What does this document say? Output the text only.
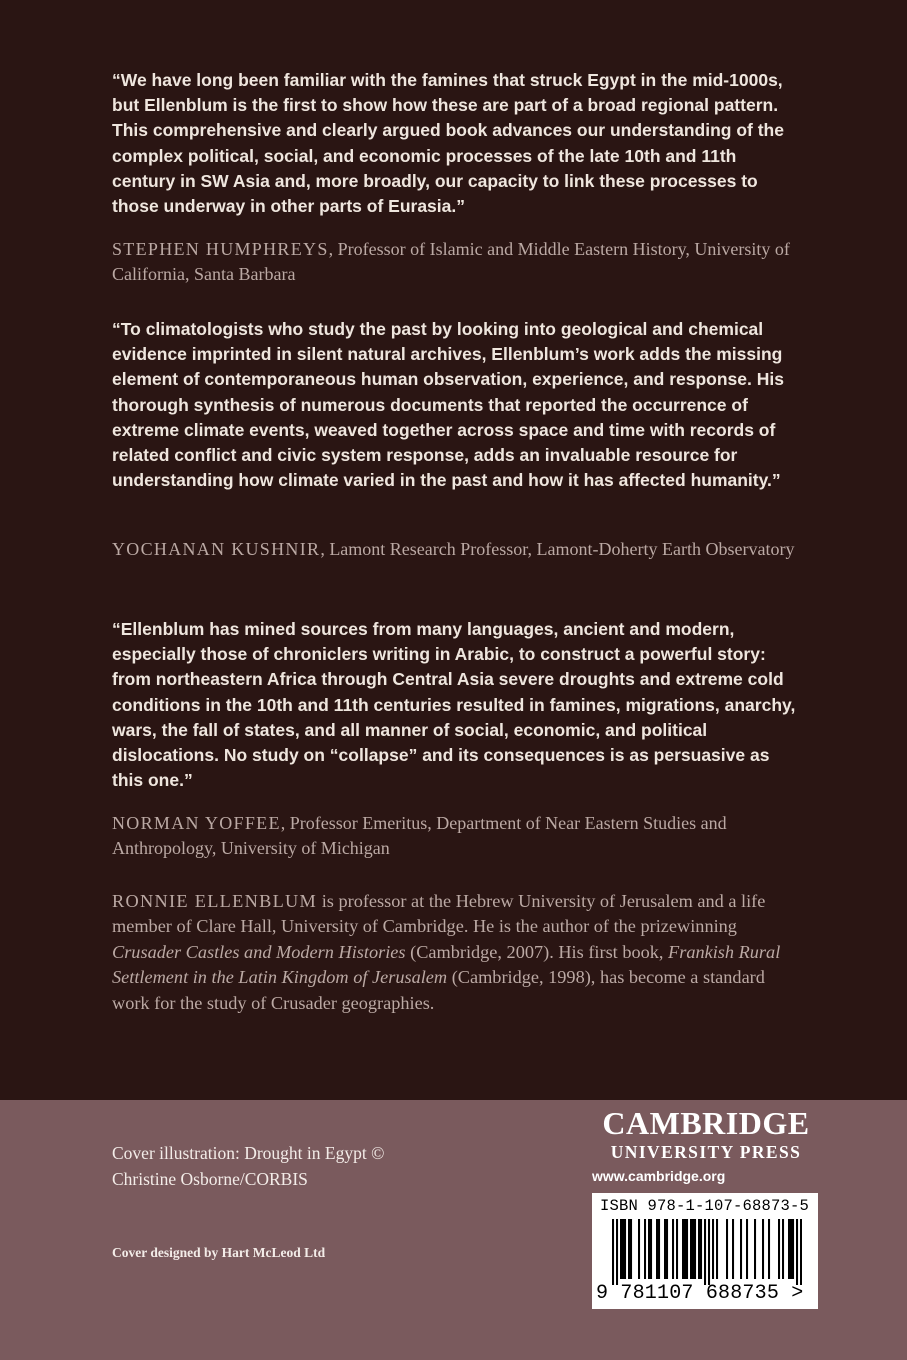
“We have long been familiar with the famines that struck Egypt in the mid-1000s, but Ellenblum is the first to show how these are part of a broad regional pattern. This comprehensive and clearly argued book advances our understanding of the complex political, social, and economic processes of the late 10th and 11th century in SW Asia and, more broadly, our capacity to link these processes to those underway in other parts of Eurasia.”

STEPHEN HUMPHREYS, Professor of Islamic and Middle Eastern History, University of California, Santa Barbara

“To climatologists who study the past by looking into geological and chemical evidence imprinted in silent natural archives, Ellenblum’s work adds the missing element of contemporaneous human observation, experience, and response. His thorough synthesis of numerous documents that reported the occurrence of extreme climate events, weaved together across space and time with records of related conflict and civic system response, adds an invaluable resource for understanding how climate varied in the past and how it has affected humanity.”

YOCHANAN KUSHNIR, Lamont Research Professor, Lamont-Doherty Earth Observatory

“Ellenblum has mined sources from many languages, ancient and modern, especially those of chroniclers writing in Arabic, to construct a powerful story: from northeastern Africa through Central Asia severe droughts and extreme cold conditions in the 10th and 11th centuries resulted in famines, migrations, anarchy, wars, the fall of states, and all manner of social, economic, and political dislocations. No study on “collapse” and its consequences is as persuasive as this one.”

NORMAN YOFFEE, Professor Emeritus, Department of Near Eastern Studies and Anthropology, University of Michigan

RONNIE ELLENBLUM is professor at the Hebrew University of Jerusalem and a life member of Clare Hall, University of Cambridge. He is the author of the prizewinning Crusader Castles and Modern Histories (Cambridge, 2007). His first book, Frankish Rural Settlement in the Latin Kingdom of Jerusalem (Cambridge, 1998), has become a standard work for the study of Crusader geographies.

Cover illustration: Drought in Egypt © Christine Osborne/CORBIS

Cover designed by Hart McLeod Ltd

CAMBRIDGE
UNIVERSITY PRESS
www.cambridge.org
ISBN 978-1-107-68873-5
9 781107 688735 >
